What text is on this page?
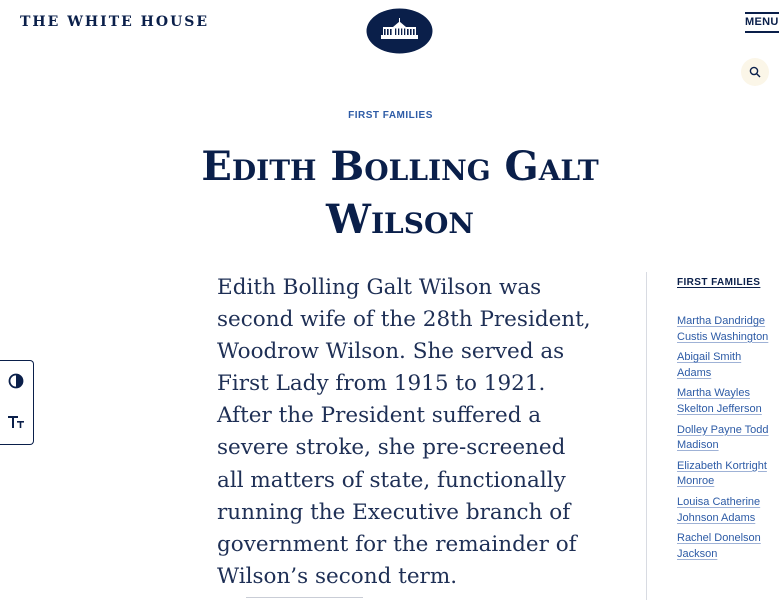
THE WHITE HOUSE	MENU
FIRST FAMILIES
Edith Bolling Galt Wilson

Edith Bolling Galt Wilson was second wife of the 28th President, Woodrow Wilson. She served as First Lady from 1915 to 1921. After the President suffered a severe stroke, she pre-screened all matters of state, functionally running the Executive branch of government for the remainder of Wilson’s second term.

FIRST FAMILIES
Martha Dandridge Custis Washington
Abigail Smith Adams
Martha Wayles Skelton Jefferson
Dolley Payne Todd Madison
Elizabeth Kortright Monroe
Louisa Catherine Johnson Adams
Rachel Donelson Jackson
